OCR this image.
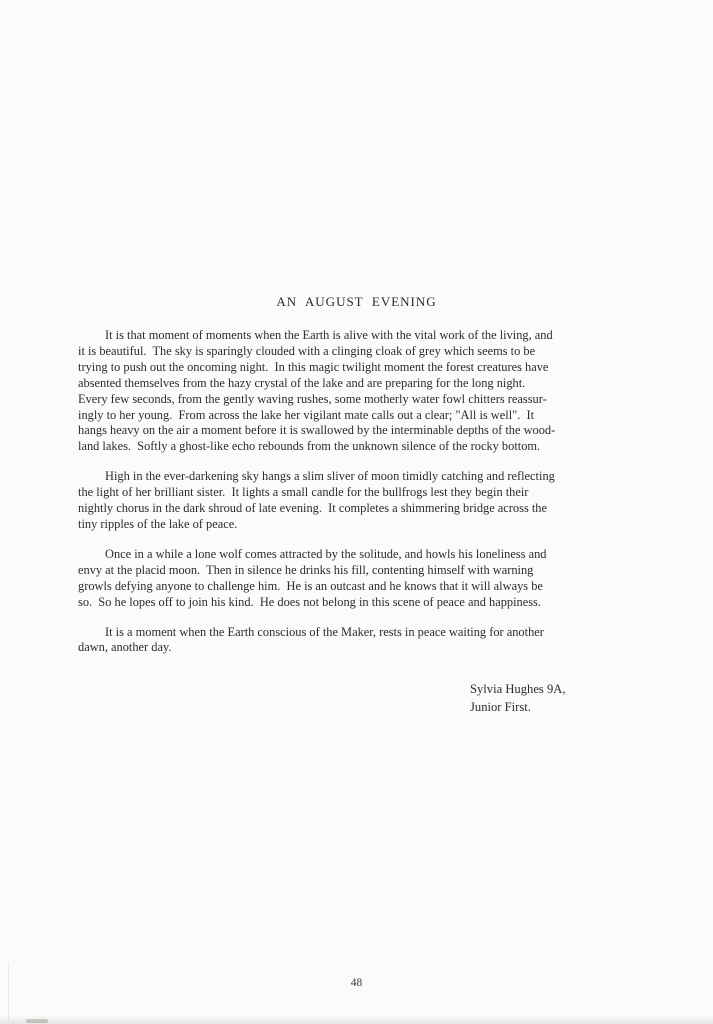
AN  AUGUST  EVENING
It is that moment of moments when the Earth is alive with the vital work of the living, and
it is beautiful.  The sky is sparingly clouded with a clinging cloak of grey which seems to be
trying to push out the oncoming night.  In this magic twilight moment the forest creatures have
absented themselves from the hazy crystal of the lake and are preparing for the long night.
Every few seconds, from the gently waving rushes, some motherly water fowl chitters reassur-
ingly to her young.  From across the lake her vigilant mate calls out a clear; "All is well".  It
hangs heavy on the air a moment before it is swallowed by the interminable depths of the wood-
land lakes.  Softly a ghost-like echo rebounds from the unknown silence of the rocky bottom.
High in the ever-darkening sky hangs a slim sliver of moon timidly catching and reflecting
the light of her brilliant sister.  It lights a small candle for the bullfrogs lest they begin their
nightly chorus in the dark shroud of late evening.  It completes a shimmering bridge across the
tiny ripples of the lake of peace.
Once in a while a lone wolf comes attracted by the solitude, and howls his loneliness and
envy at the placid moon.  Then in silence he drinks his fill, contenting himself with warning
growls defying anyone to challenge him.  He is an outcast and he knows that it will always be
so.  So he lopes off to join his kind.  He does not belong in this scene of peace and happiness.
It is a moment when the Earth conscious of the Maker, rests in peace waiting for another
dawn, another day.
Sylvia Hughes 9A,
Junior First.
48
